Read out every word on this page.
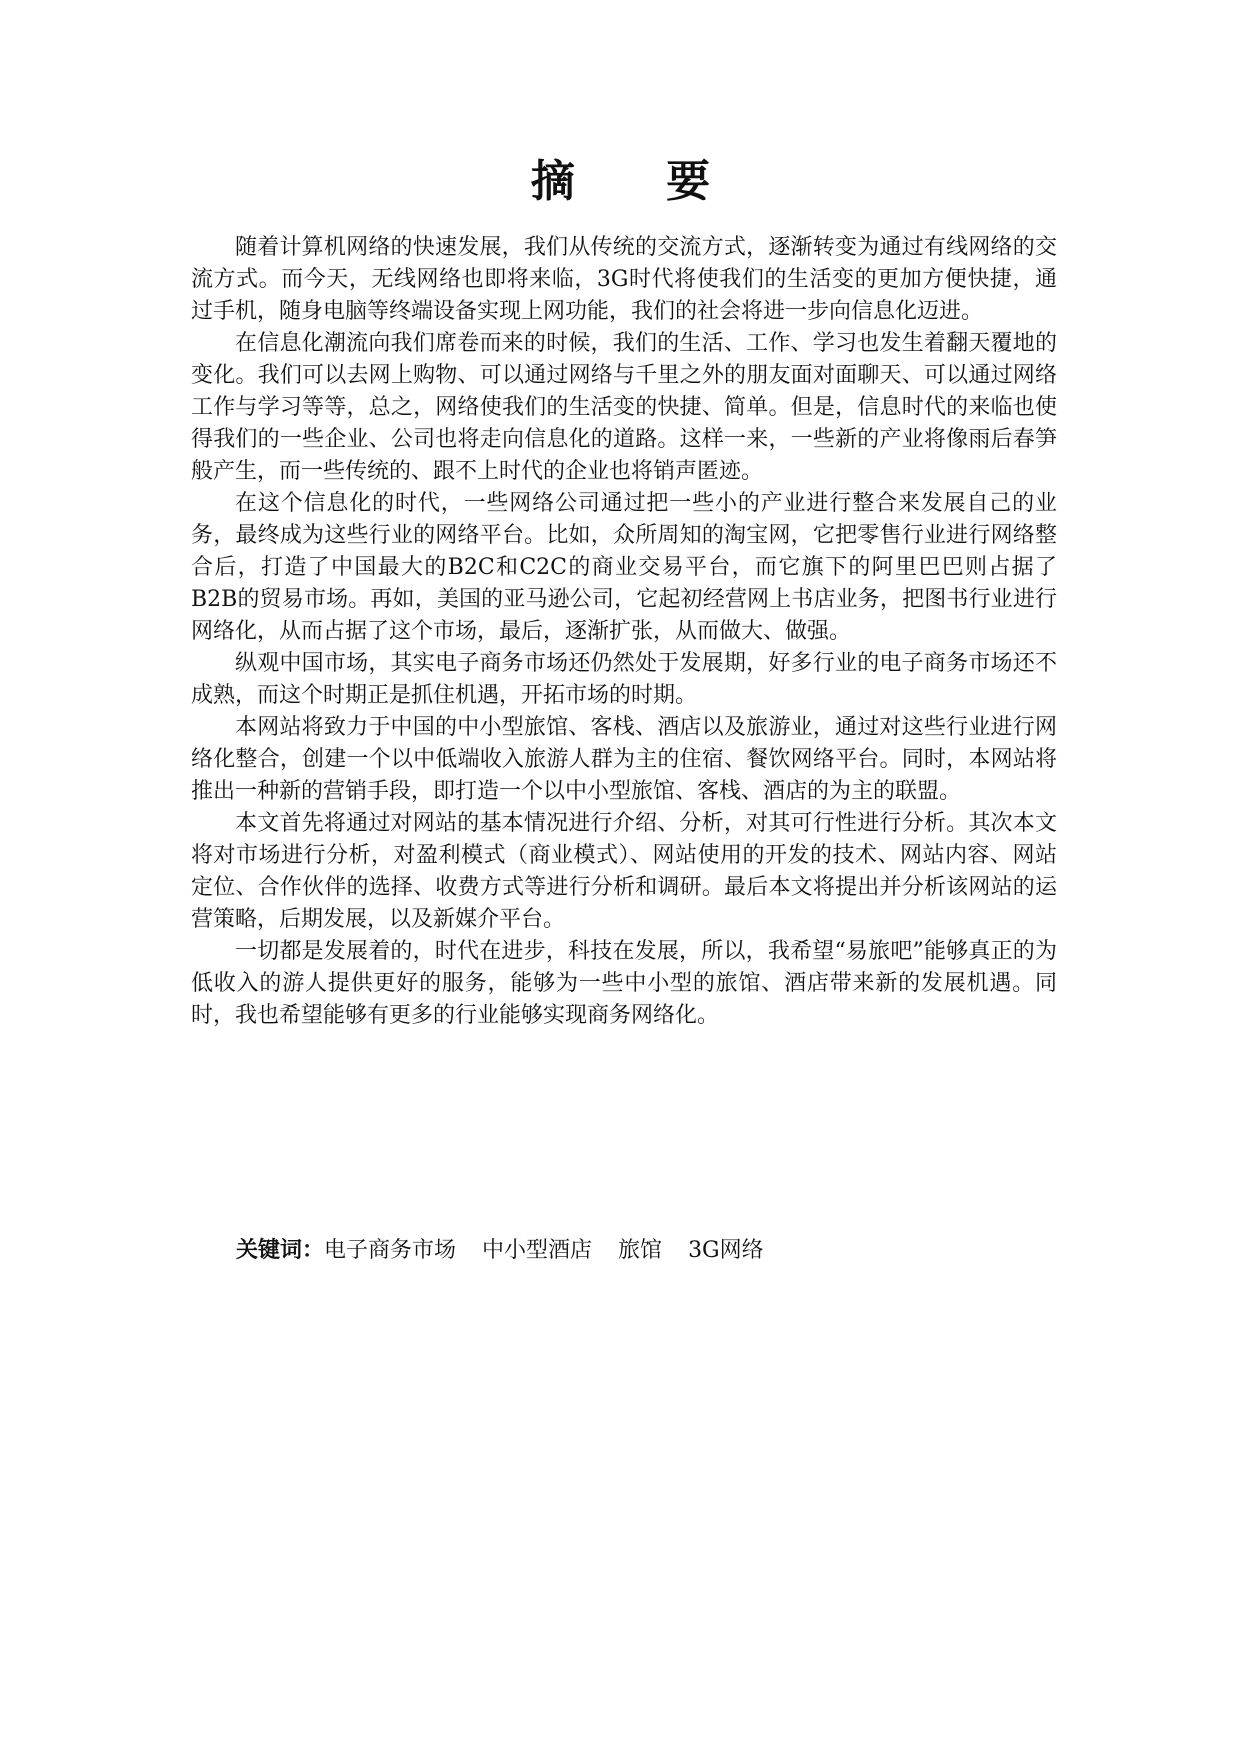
摘 要

随着计算机网络的快速发展，我们从传统的交流方式，逐渐转变为通过有线网络的交流方式。而今天，无线网络也即将来临，3G时代将使我们的生活变的更加方便快捷，通过手机，随身电脑等终端设备实现上网功能，我们的社会将进一步向信息化迈进。

在信息化潮流向我们席卷而来的时候，我们的生活、工作、学习也发生着翻天覆地的变化。我们可以去网上购物、可以通过网络与千里之外的朋友面对面聊天、可以通过网络工作与学习等等，总之，网络使我们的生活变的快捷、简单。但是，信息时代的来临也使得我们的一些企业、公司也将走向信息化的道路。这样一来，一些新的产业将像雨后春笋般产生，而一些传统的、跟不上时代的企业也将销声匿迹。

在这个信息化的时代，一些网络公司通过把一些小的产业进行整合来发展自己的业务，最终成为这些行业的网络平台。比如，众所周知的淘宝网，它把零售行业进行网络整合后，打造了中国最大的B2C和C2C的商业交易平台，而它旗下的阿里巴巴则占据了B2B的贸易市场。再如，美国的亚马逊公司，它起初经营网上书店业务，把图书行业进行网络化，从而占据了这个市场，最后，逐渐扩张，从而做大、做强。

纵观中国市场，其实电子商务市场还仍然处于发展期，好多行业的电子商务市场还不成熟，而这个时期正是抓住机遇，开拓市场的时期。

本网站将致力于中国的中小型旅馆、客栈、酒店以及旅游业，通过对这些行业进行网络化整合，创建一个以中低端收入旅游人群为主的住宿、餐饮网络平台。同时，本网站将推出一种新的营销手段，即打造一个以中小型旅馆、客栈、酒店的为主的联盟。

本文首先将通过对网站的基本情况进行介绍、分析，对其可行性进行分析。其次本文将对市场进行分析，对盈利模式（商业模式）、网站使用的开发的技术、网站内容、网站定位、合作伙伴的选择、收费方式等进行分析和调研。最后本文将提出并分析该网站的运营策略，后期发展，以及新媒介平台。

一切都是发展着的，时代在进步，科技在发展，所以，我希望“易旅吧”能够真正的为低收入的游人提供更好的服务，能够为一些中小型的旅馆、酒店带来新的发展机遇。同时，我也希望能够有更多的行业能够实现商务网络化。

关键词：电子商务市场 中小型酒店 旅馆 3G网络
